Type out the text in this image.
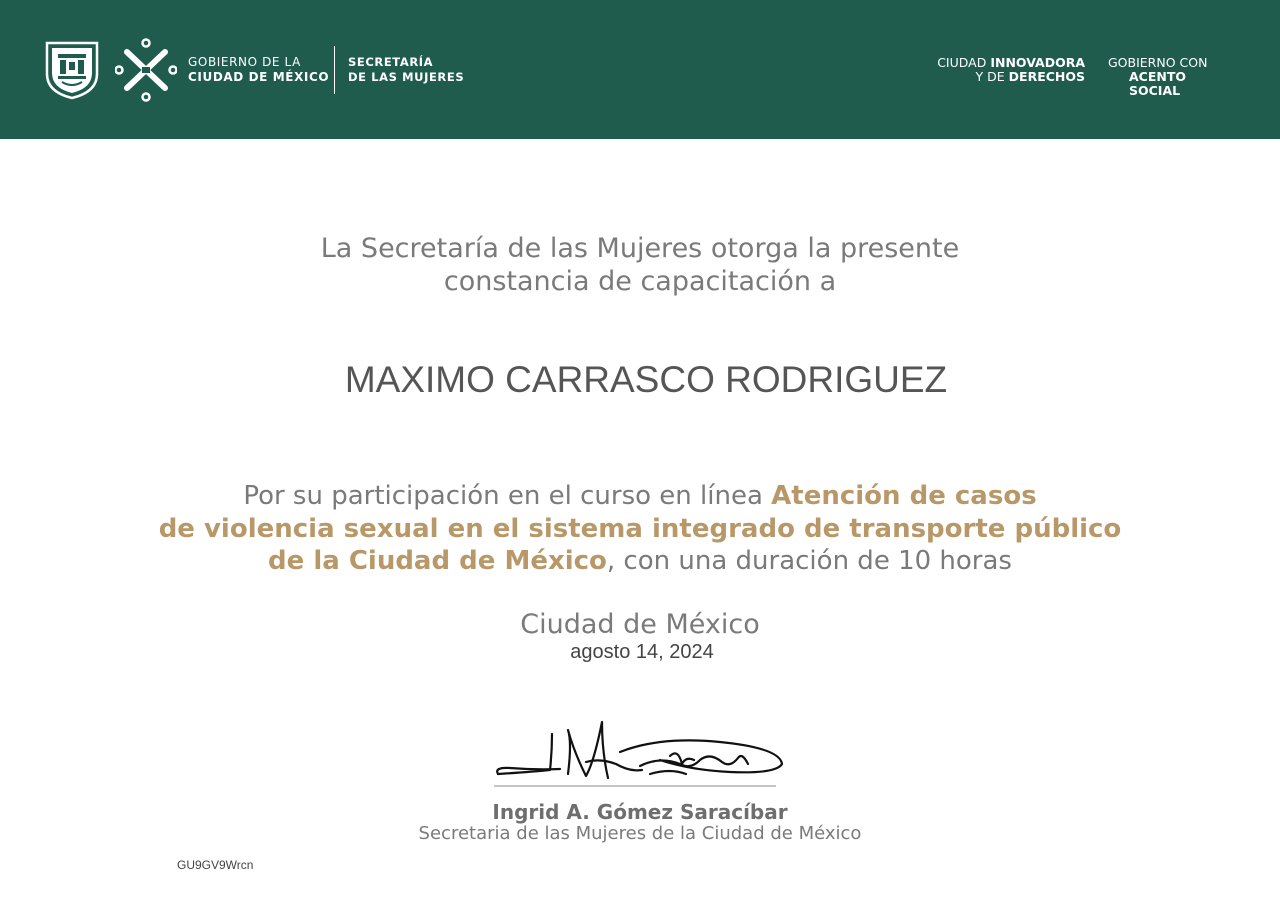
GOBIERNO DE LA
CIUDAD DE MÉXICO
SECRETARÍA
DE LAS MUJERES
CIUDAD INNOVADORA
Y DE DERECHOS
GOBIERNO CON
ACENTO SOCIAL
La Secretaría de las Mujeres otorga la presente
constancia de capacitación a
MAXIMO CARRASCO RODRIGUEZ
Por su participación en el curso en línea Atención de casos
de violencia sexual en el sistema integrado de transporte público
de la Ciudad de México, con una duración de 10 horas
Ciudad de México
agosto 14, 2024
Ingrid A. Gómez Saracíbar
Secretaria de las Mujeres de la Ciudad de México
GU9GV9Wrcn
